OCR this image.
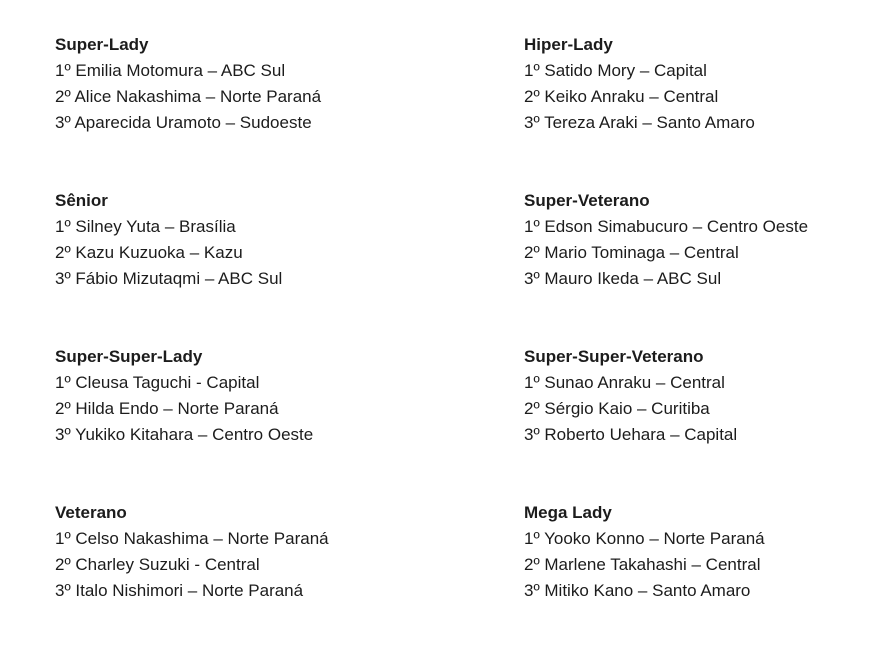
Super-Lady

1º Emilia Motomura – ABC Sul

2º Alice Nakashima – Norte Paraná

3º Aparecida Uramoto – Sudoeste

Sênior

1º Silney Yuta – Brasília

2º Kazu Kuzuoka – Kazu

3º Fábio Mizutaqmi – ABC Sul

Super-Super-Lady

1º Cleusa Taguchi - Capital

2º Hilda Endo – Norte Paraná

3º Yukiko Kitahara – Centro Oeste

Veterano

1º Celso Nakashima – Norte Paraná

2º Charley Suzuki - Central

3º Italo Nishimori – Norte Paraná

Hiper-Lady

1º Satido Mory – Capital

2º Keiko Anraku – Central

3º Tereza Araki – Santo Amaro

Super-Veterano

1º Edson Simabucuro – Centro Oeste

2º Mario Tominaga – Central

3º Mauro Ikeda – ABC Sul

Super-Super-Veterano

1º Sunao Anraku – Central

2º Sérgio Kaio – Curitiba

3º Roberto Uehara – Capital

Mega Lady

1º Yooko Konno – Norte Paraná

2º Marlene Takahashi – Central

3º Mitiko Kano – Santo Amaro
